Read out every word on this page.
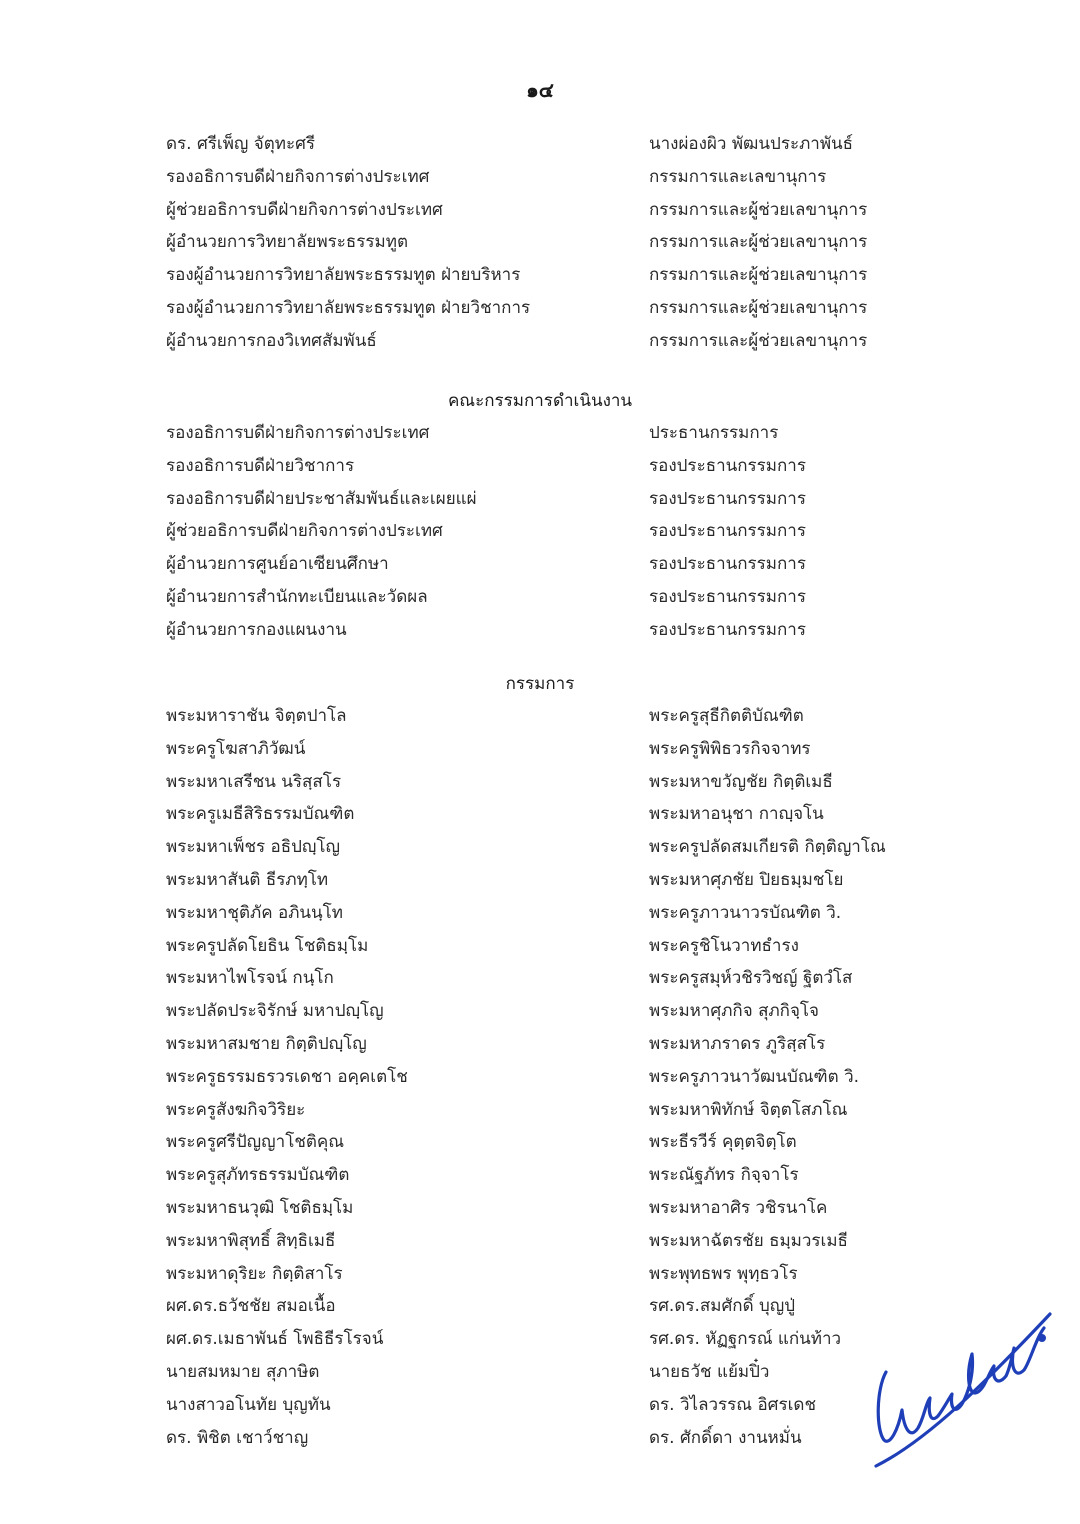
๑๔
ดร. ศรีเพ็ญ จัตุทะศรี	นางผ่องผิว พัฒนประภาพันธ์
รองอธิการบดีฝ่ายกิจการต่างประเทศ	กรรมการและเลขานุการ
ผู้ช่วยอธิการบดีฝ่ายกิจการต่างประเทศ	กรรมการและผู้ช่วยเลขานุการ
ผู้อำนวยการวิทยาลัยพระธรรมทูต	กรรมการและผู้ช่วยเลขานุการ
รองผู้อำนวยการวิทยาลัยพระธรรมทูต ฝ่ายบริหาร	กรรมการและผู้ช่วยเลขานุการ
รองผู้อำนวยการวิทยาลัยพระธรรมทูต ฝ่ายวิชาการ	กรรมการและผู้ช่วยเลขานุการ
ผู้อำนวยการกองวิเทศสัมพันธ์	กรรมการและผู้ช่วยเลขานุการ
คณะกรรมการดำเนินงาน
รองอธิการบดีฝ่ายกิจการต่างประเทศ	ประธานกรรมการ
รองอธิการบดีฝ่ายวิชาการ	รองประธานกรรมการ
รองอธิการบดีฝ่ายประชาสัมพันธ์และเผยแผ่	รองประธานกรรมการ
ผู้ช่วยอธิการบดีฝ่ายกิจการต่างประเทศ	รองประธานกรรมการ
ผู้อำนวยการศูนย์อาเซียนศึกษา	รองประธานกรรมการ
ผู้อำนวยการสำนักทะเบียนและวัดผล	รองประธานกรรมการ
ผู้อำนวยการกองแผนงาน	รองประธานกรรมการ
กรรมการ
พระมหาราชัน จิตฺตปาโล	พระครูสุธีกิตติบัณฑิต
พระครูโฆสาภิวัฒน์	พระครูพิพิธวรกิจจาทร
พระมหาเสรีชน นริสฺสโร	พระมหาขวัญชัย กิตฺติเมธี
พระครูเมธีสิริธรรมบัณฑิต	พระมหาอนุชา กาญฺจโน
พระมหาเพ็ชร อธิปญฺโญ	พระครูปลัดสมเกียรติ กิตฺติญาโณ
พระมหาสันติ ธีรภทฺโท	พระมหาศุภชัย ปิยธมฺมชโย
พระมหาชุติภัค อภินนฺโท	พระครูภาวนาวรบัณฑิต วิ.
พระครูปลัดโยธิน โชติธมฺโม	พระครูชิโนวาทธำรง
พระมหาไพโรจน์ กนฺโก	พระครูสมุห์วชิรวิชญ์ ฐิตวํโส
พระปลัดประจิรักษ์ มหาปญฺโญ	พระมหาศุภกิจ สุภกิจฺโจ
พระมหาสมชาย กิตฺติปญฺโญ	พระมหาภราดร ภูริสฺสโร
พระครูธรรมธรวรเดชา อคฺคเตโช	พระครูภาวนาวัฒนบัณฑิต วิ.
พระครูสังฆกิจวิริยะ	พระมหาพิทักษ์ จิตฺตโสภโณ
พระครูศรีปัญญาโชติคุณ	พระธีรวีร์ คุตฺตจิตฺโต
พระครูสุภัทรธรรมบัณฑิต	พระณัฐภัทร กิจฺจาโร
พระมหาธนวุฒิ โชติธมฺโม	พระมหาอาศิร วชิรนาโค
พระมหาพิสุทธิ์ สิทฺธิเมธี	พระมหาฉัตรชัย ธมฺมวรเมธี
พระมหาดุริยะ กิตฺติสาโร	พระพุทธพร พุทฺธวโร
ผศ.ดร.ธวัชชัย สมอเนื้อ	รศ.ดร.สมศักดิ์ บุญปู่
ผศ.ดร.เมธาพันธ์ โพธิธีรโรจน์	รศ.ดร. หัฏฐกรณ์ แก่นท้าว
นายสมหมาย สุภาษิต	นายธวัช แย้มปิ๋ว
นางสาวอโนทัย บุญทัน	ดร. วิไลวรรณ อิศรเดช
ดร. พิชิต เชาว์ชาญ	ดร. ศักดิ์ดา งานหมั่น
